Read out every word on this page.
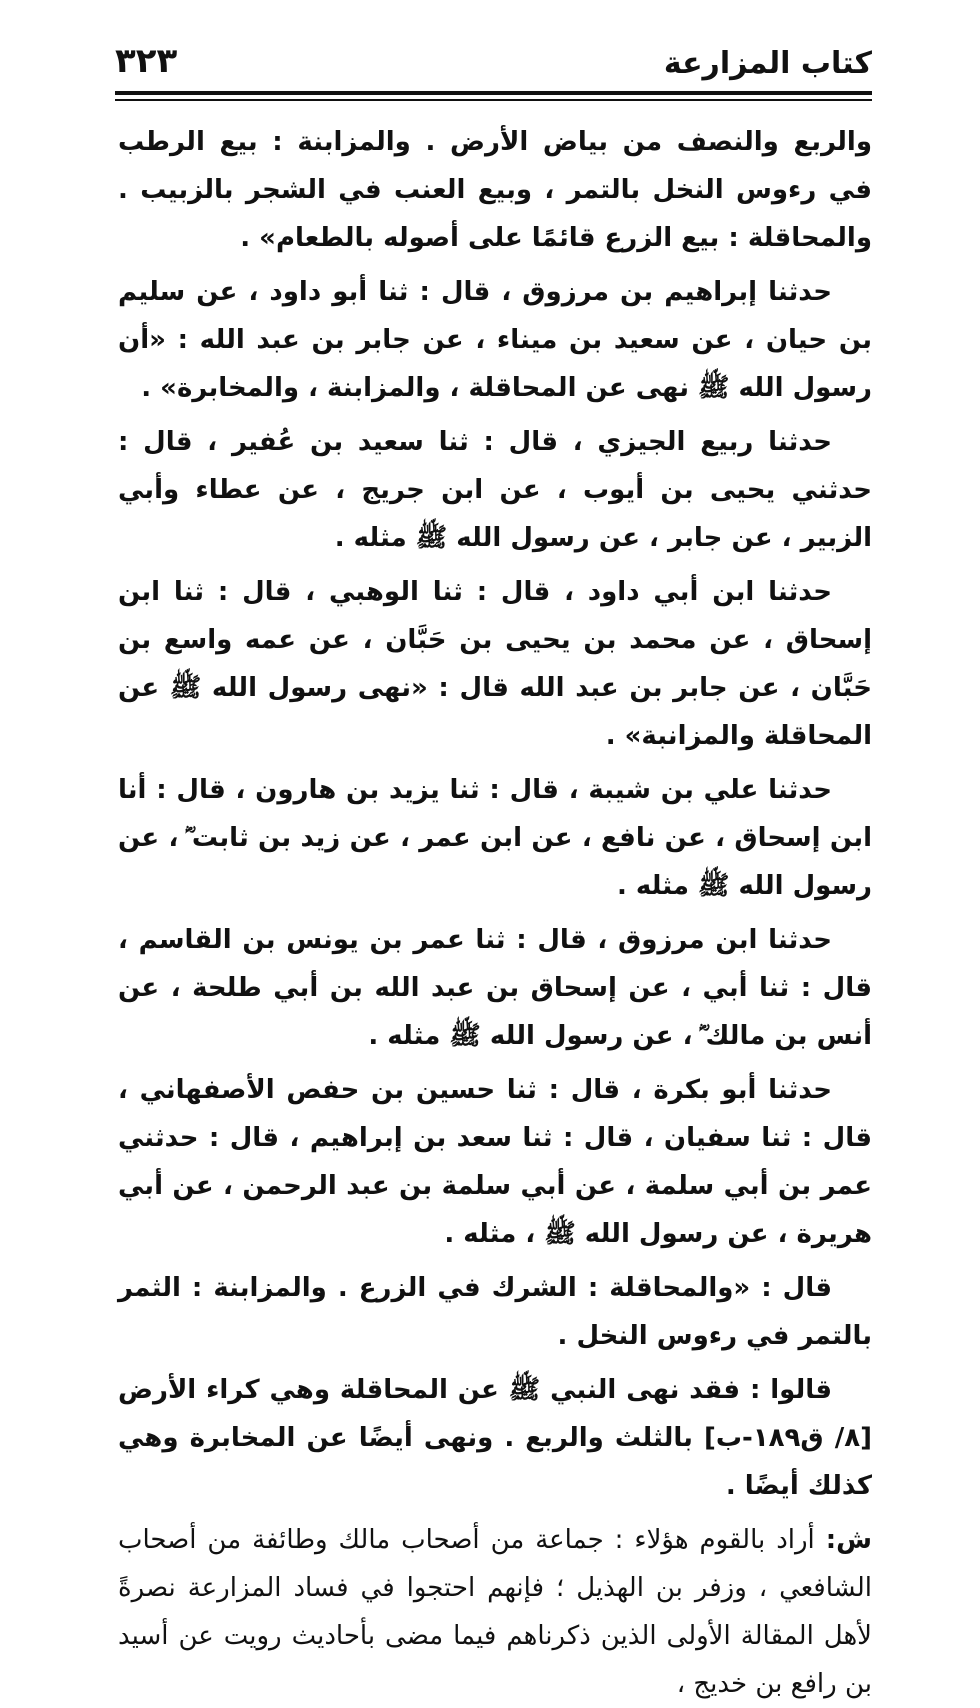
كتاب المزارعة
٣٢٣

والربع والنصف من بياض الأرض . والمزابنة : بيع الرطب في رءوس النخل بالتمر ، وبيع العنب في الشجر بالزبيب . والمحاقلة : بيع الزرع قائمًا على أصوله بالطعام» .

حدثنا إبراهيم بن مرزوق ، قال : ثنا أبو داود ، عن سليم بن حيان ، عن سعيد بن ميناء ، عن جابر بن عبد الله : «أن رسول الله ﷺ نهى عن المحاقلة ، والمزابنة ، والمخابرة» .

حدثنا ربيع الجيزي ، قال : ثنا سعيد بن عُفير ، قال : حدثني يحيى بن أيوب ، عن ابن جريج ، عن عطاء وأبي الزبير ، عن جابر ، عن رسول الله ﷺ مثله .

حدثنا ابن أبي داود ، قال : ثنا الوهبي ، قال : ثنا ابن إسحاق ، عن محمد بن يحيى بن حَبَّان ، عن عمه واسع بن حَبَّان ، عن جابر بن عبد الله قال : «نهى رسول الله ﷺ عن المحاقلة والمزانبة» .

حدثنا علي بن شيبة ، قال : ثنا يزيد بن هارون ، قال : أنا ابن إسحاق ، عن نافع ، عن ابن عمر ، عن زيد بن ثابت ؓ ، عن رسول الله ﷺ مثله .

حدثنا ابن مرزوق ، قال : ثنا عمر بن يونس بن القاسم ، قال : ثنا أبي ، عن إسحاق بن عبد الله بن أبي طلحة ، عن أنس بن مالك ؓ ، عن رسول الله ﷺ مثله .

حدثنا أبو بكرة ، قال : ثنا حسين بن حفص الأصفهاني ، قال : ثنا سفيان ، قال : ثنا سعد بن إبراهيم ، قال : حدثني عمر بن أبي سلمة ، عن أبي سلمة بن عبد الرحمن ، عن أبي هريرة ، عن رسول الله ﷺ ، مثله .

قال : «والمحاقلة : الشرك في الزرع . والمزابنة : الثمر بالتمر في رءوس النخل .

قالوا : فقد نهى النبي ﷺ عن المحاقلة وهي كراء الأرض [٨/ ق١٨٩-ب] بالثلث والربع . ونهى أيضًا عن المخابرة وهي كذلك أيضًا .

ش: أراد بالقوم هؤلاء : جماعة من أصحاب مالك وطائفة من أصحاب الشافعي ، وزفر بن الهذيل ؛ فإنهم احتجوا في فساد المزارعة نصرةً لأهل المقالة الأولى الذين ذكرناهم فيما مضى بأحاديث رويت عن أسيد بن رافع بن خديج ،
